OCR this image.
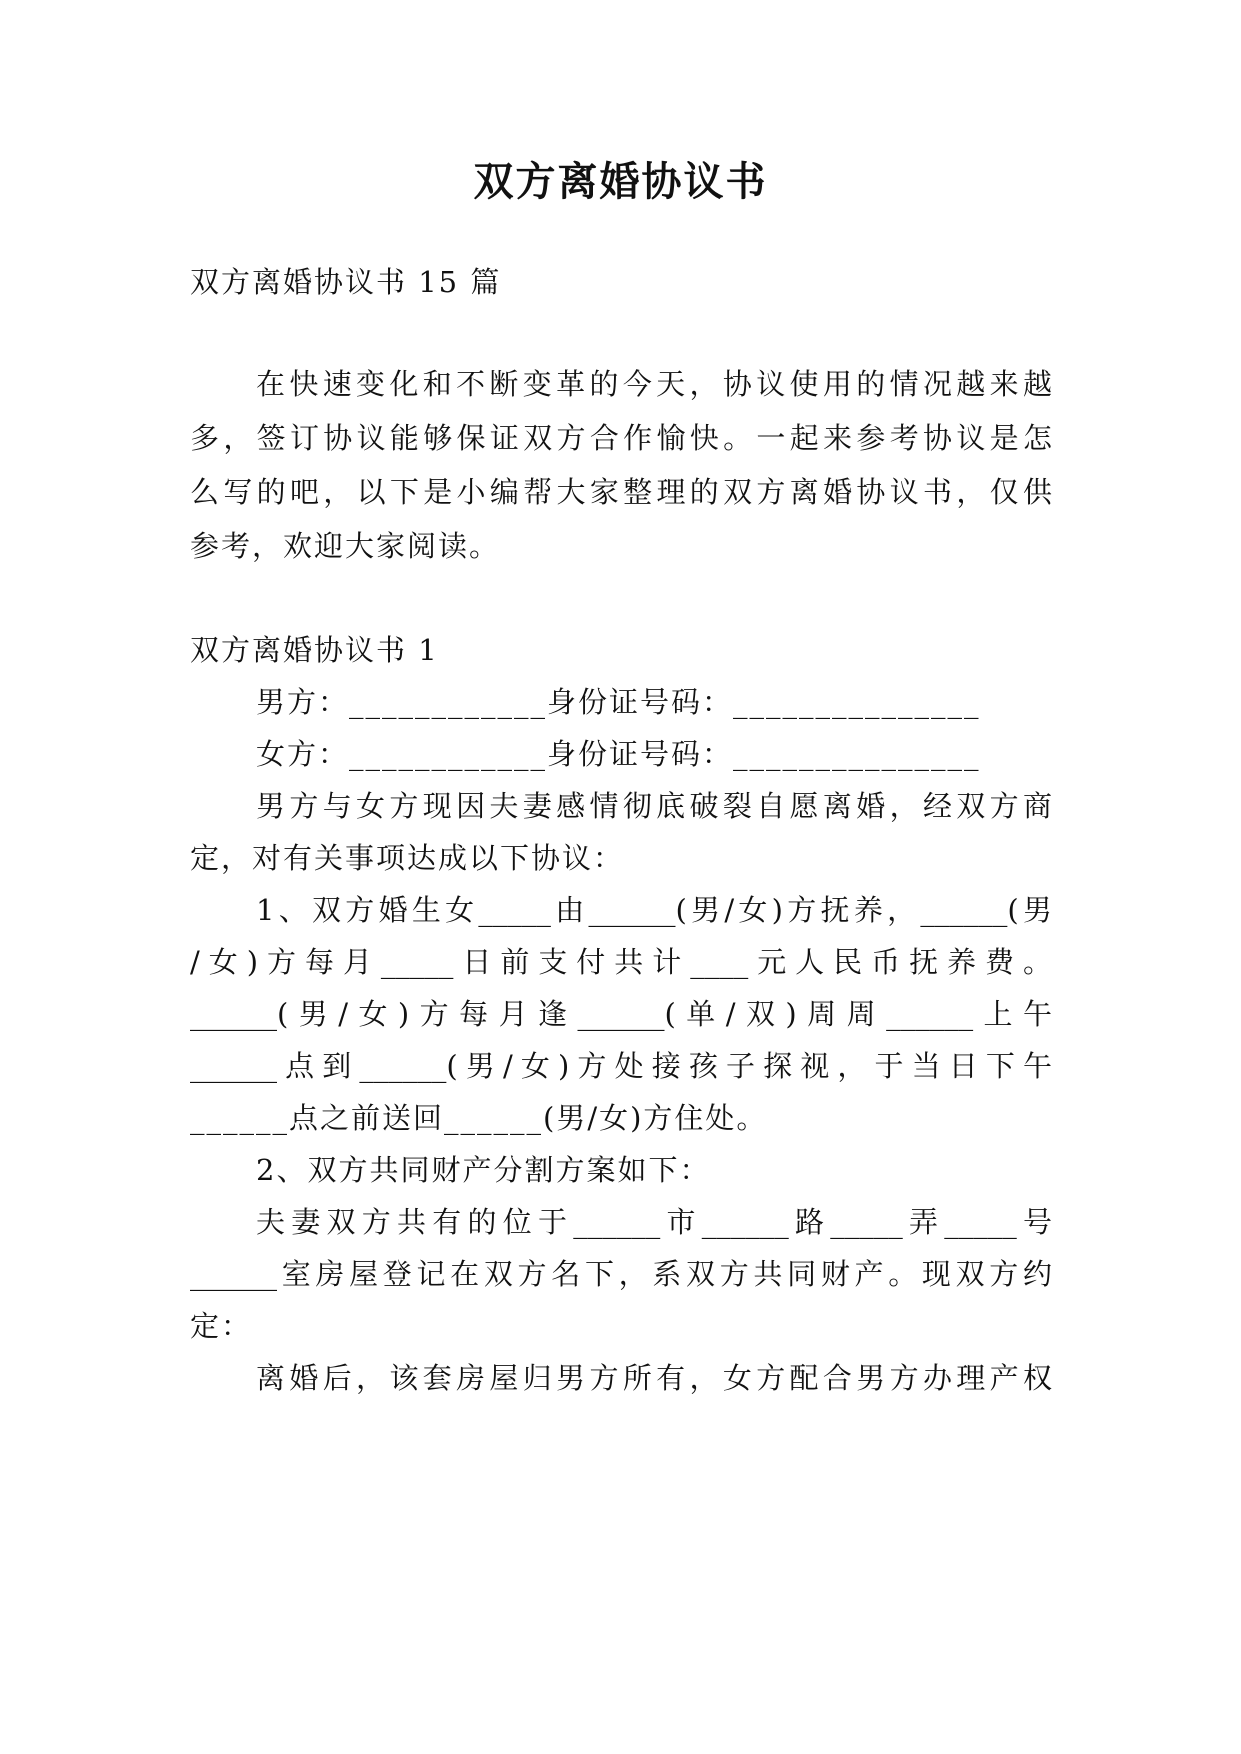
双方离婚协议书
双方离婚协议书 15 篇
在快速变化和不断变革的今天，协议使用的情况越来越
多，签订协议能够保证双方合作愉快。一起来参考协议是怎
么写的吧，以下是小编帮大家整理的双方离婚协议书，仅供
参考，欢迎大家阅读。
双方离婚协议书 1
男方：____________身份证号码：_______________
女方：____________身份证号码：_______________
男方与女方现因夫妻感情彻底破裂自愿离婚，经双方商
定，对有关事项达成以下协议：
1、双方婚生女_____由______(男/女)方抚养，______(男
/女)方每月_____日前支付共计____元人民币抚养费。
______(男/女)方每月逢______(单/双)周周______上午
______点到______(男/女)方处接孩子探视，于当日下午
______点之前送回______(男/女)方住处。
2、双方共同财产分割方案如下：
夫妻双方共有的位于______市______路_____弄_____号
______室房屋登记在双方名下，系双方共同财产。现双方约
定：
离婚后，该套房屋归男方所有，女方配合男方办理产权
